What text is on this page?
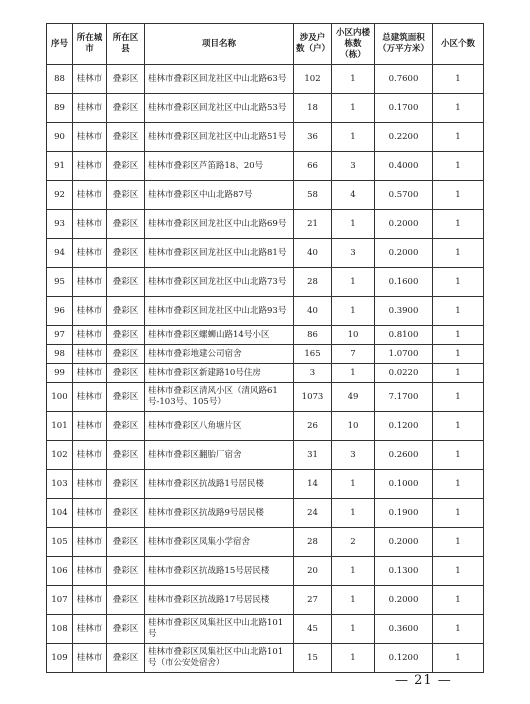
序号	所在城市	所在区县	项目名称	涉及户数（户）	小区内楼栋数（栋）	总建筑面积（万平方米）	小区个数
88	桂林市	叠彩区	桂林市叠彩区回龙社区中山北路63号	102	1	0.7600	1
89	桂林市	叠彩区	桂林市叠彩区回龙社区中山北路53号	18	1	0.1700	1
90	桂林市	叠彩区	桂林市叠彩区回龙社区中山北路51号	36	1	0.2200	1
91	桂林市	叠彩区	桂林市叠彩区芦笛路18、20号	66	3	0.4000	1
92	桂林市	叠彩区	桂林市叠彩区中山北路87号	58	4	0.5700	1
93	桂林市	叠彩区	桂林市叠彩区回龙社区中山北路69号	21	1	0.2000	1
94	桂林市	叠彩区	桂林市叠彩区回龙社区中山北路81号	40	3	0.2000	1
95	桂林市	叠彩区	桂林市叠彩区回龙社区中山北路73号	28	1	0.1600	1
96	桂林市	叠彩区	桂林市叠彩区回龙社区中山北路93号	40	1	0.3900	1
97	桂林市	叠彩区	桂林市叠彩区螺蛳山路14号小区	86	10	0.8100	1
98	桂林市	叠彩区	桂林市叠彩地建公司宿舍	165	7	1.0700	1
99	桂林市	叠彩区	桂林市叠彩区新建路10号住房	3	1	0.0220	1
100	桂林市	叠彩区	桂林市叠彩区清风小区（清风路61号-103号、105号）	1073	49	7.1700	1
101	桂林市	叠彩区	桂林市叠彩区八角塘片区	26	10	0.1200	1
102	桂林市	叠彩区	桂林市叠彩区翻胎厂宿舍	31	3	0.2600	1
103	桂林市	叠彩区	桂林市叠彩区抗战路1号居民楼	14	1	0.1000	1
104	桂林市	叠彩区	桂林市叠彩区抗战路9号居民楼	24	1	0.1900	1
105	桂林市	叠彩区	桂林市叠彩区凤集小学宿舍	28	2	0.2000	1
106	桂林市	叠彩区	桂林市叠彩区抗战路15号居民楼	20	1	0.1300	1
107	桂林市	叠彩区	桂林市叠彩区抗战路17号居民楼	27	1	0.2000	1
108	桂林市	叠彩区	桂林市叠彩区凤集社区中山北路101号	45	1	0.3600	1
109	桂林市	叠彩区	桂林市叠彩区凤集社区中山北路101号（市公安处宿舍）	15	1	0.1200	1
— 21 —
